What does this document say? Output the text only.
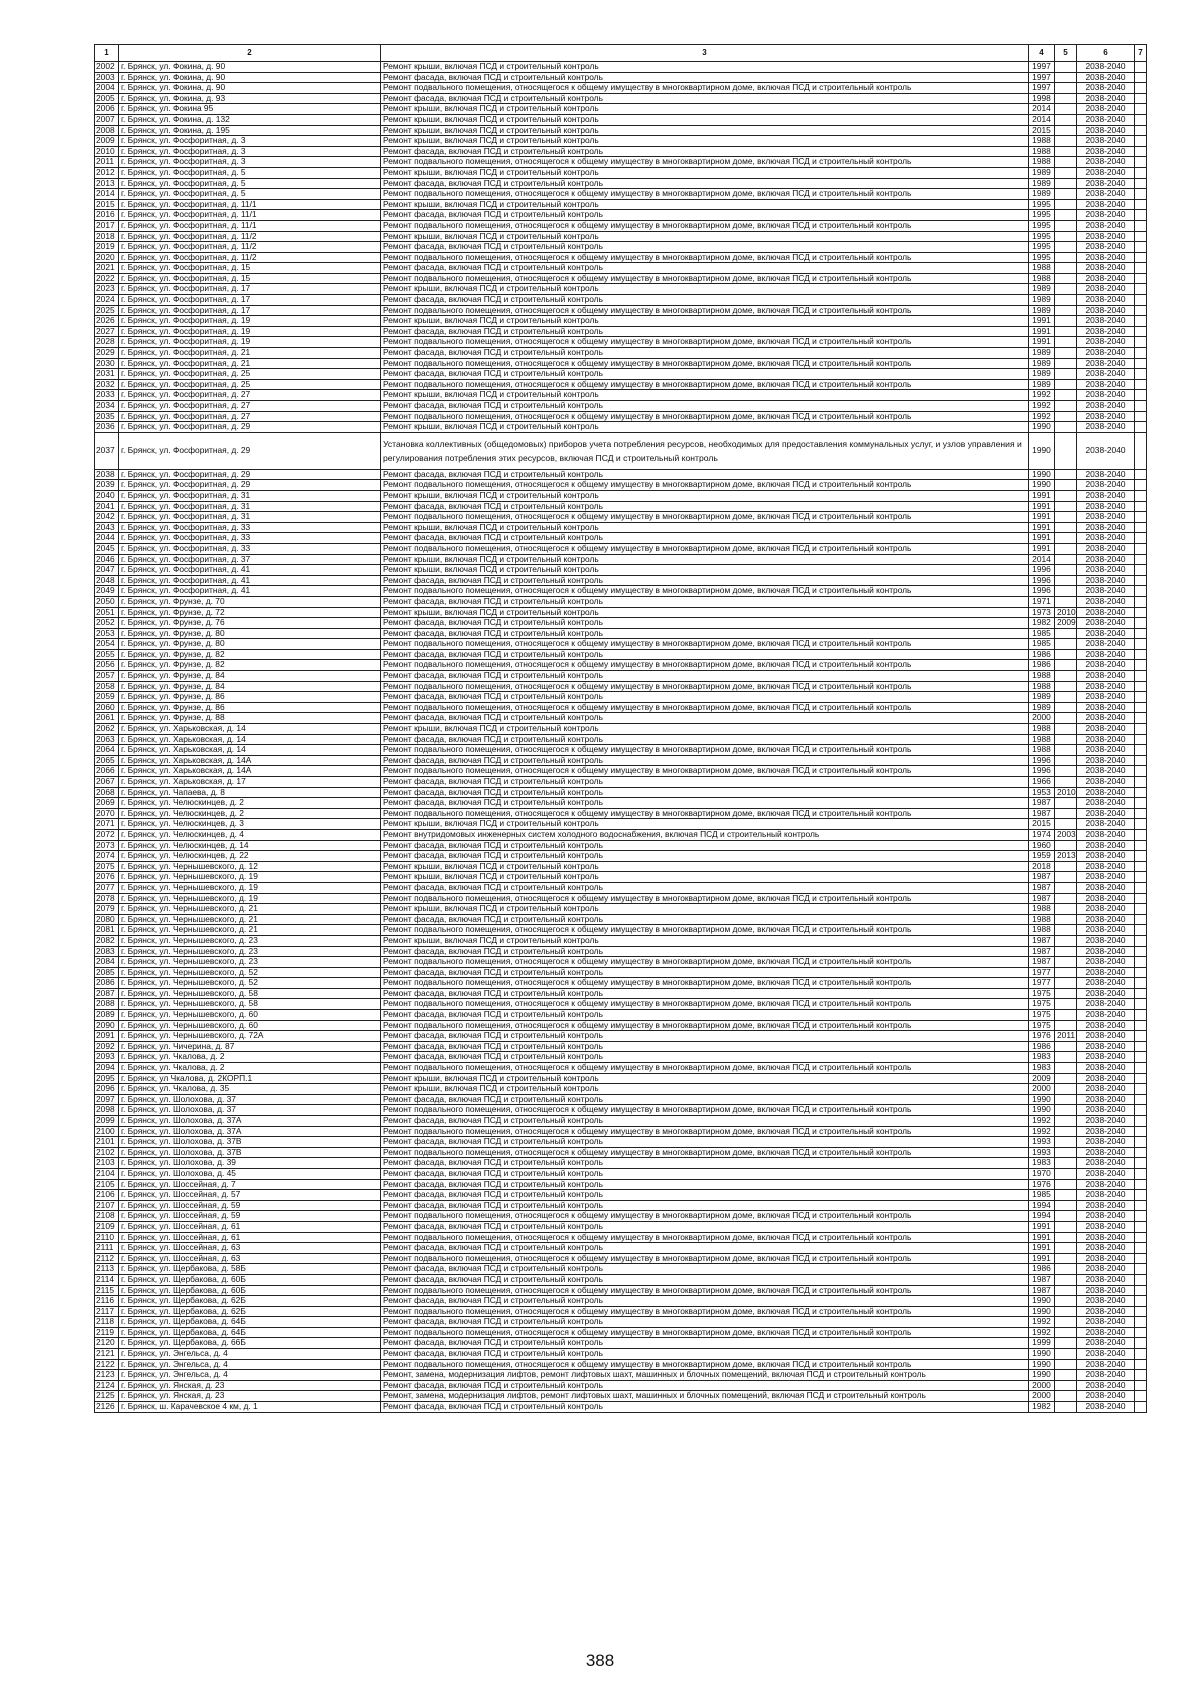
1	2	3	4	5	6	7
2002	г. Брянск, ул. Фокина, д. 90	Ремонт крыши, включая ПСД и строительный контроль	1997		2038-2040	
2003	г. Брянск, ул. Фокина, д. 90	Ремонт фасада, включая ПСД и строительный контроль	1997		2038-2040	
2004	г. Брянск, ул. Фокина, д. 90	Ремонт подвального помещения, относящегося к общему имуществу в многоквартирном доме, включая ПСД и строительный контроль	1997		2038-2040	
2005	г. Брянск, ул. Фокина, д. 93	Ремонт фасада, включая ПСД и строительный контроль	1998		2038-2040	
2006	г. Брянск, ул. Фокина 95	Ремонт крыши, включая ПСД и строительный контроль	2014		2038-2040	
2007	г. Брянск, ул. Фокина, д. 132	Ремонт крыши, включая ПСД и строительный контроль	2014		2038-2040	
2008	г. Брянск, ул. Фокина, д. 195	Ремонт крыши, включая ПСД и строительный контроль	2015		2038-2040	
2009	г. Брянск, ул. Фосфоритная, д. 3	Ремонт крыши, включая ПСД и строительный контроль	1988		2038-2040	
2010	г. Брянск, ул. Фосфоритная, д. 3	Ремонт фасада, включая ПСД и строительный контроль	1988		2038-2040	
2011	г. Брянск, ул. Фосфоритная, д. 3	Ремонт подвального помещения, относящегося к общему имуществу в многоквартирном доме, включая ПСД и строительный контроль	1988		2038-2040	
2012	г. Брянск, ул. Фосфоритная, д. 5	Ремонт крыши, включая ПСД и строительный контроль	1989		2038-2040	
2013	г. Брянск, ул. Фосфоритная, д. 5	Ремонт фасада, включая ПСД и строительный контроль	1989		2038-2040	
2014	г. Брянск, ул. Фосфоритная, д. 5	Ремонт подвального помещения, относящегося к общему имуществу в многоквартирном доме, включая ПСД и строительный контроль	1989		2038-2040	
2015	г. Брянск, ул. Фосфоритная, д. 11/1	Ремонт крыши, включая ПСД и строительный контроль	1995		2038-2040	
2016	г. Брянск, ул. Фосфоритная, д. 11/1	Ремонт фасада, включая ПСД и строительный контроль	1995		2038-2040	
2017	г. Брянск, ул. Фосфоритная, д. 11/1	Ремонт подвального помещения, относящегося к общему имуществу в многоквартирном доме, включая ПСД и строительный контроль	1995		2038-2040	
2018	г. Брянск, ул. Фосфоритная, д. 11/2	Ремонт крыши, включая ПСД и строительный контроль	1995		2038-2040	
2019	г. Брянск, ул. Фосфоритная, д. 11/2	Ремонт фасада, включая ПСД и строительный контроль	1995		2038-2040	
2020	г. Брянск, ул. Фосфоритная, д. 11/2	Ремонт подвального помещения, относящегося к общему имуществу в многоквартирном доме, включая ПСД и строительный контроль	1995		2038-2040	
2021	г. Брянск, ул. Фосфоритная, д. 15	Ремонт фасада, включая ПСД и строительный контроль	1988		2038-2040	
2022	г. Брянск, ул. Фосфоритная, д. 15	Ремонт подвального помещения, относящегося к общему имуществу в многоквартирном доме, включая ПСД и строительный контроль	1988		2038-2040	
2023	г. Брянск, ул. Фосфоритная, д. 17	Ремонт крыши, включая ПСД и строительный контроль	1989		2038-2040	
2024	г. Брянск, ул. Фосфоритная, д. 17	Ремонт фасада, включая ПСД и строительный контроль	1989		2038-2040	
2025	г. Брянск, ул. Фосфоритная, д. 17	Ремонт подвального помещения, относящегося к общему имуществу в многоквартирном доме, включая ПСД и строительный контроль	1989		2038-2040	
2026	г. Брянск, ул. Фосфоритная, д. 19	Ремонт крыши, включая ПСД и строительный контроль	1991		2038-2040	
2027	г. Брянск, ул. Фосфоритная, д. 19	Ремонт фасада, включая ПСД и строительный контроль	1991		2038-2040	
2028	г. Брянск, ул. Фосфоритная, д. 19	Ремонт подвального помещения, относящегося к общему имуществу в многоквартирном доме, включая ПСД и строительный контроль	1991		2038-2040	
2029	г. Брянск, ул. Фосфоритная, д. 21	Ремонт фасада, включая ПСД и строительный контроль	1989		2038-2040	
2030	г. Брянск, ул. Фосфоритная, д. 21	Ремонт подвального помещения, относящегося к общему имуществу в многоквартирном доме, включая ПСД и строительный контроль	1989		2038-2040	
2031	г. Брянск, ул. Фосфоритная, д. 25	Ремонт фасада, включая ПСД и строительный контроль	1989		2038-2040	
2032	г. Брянск, ул. Фосфоритная, д. 25	Ремонт подвального помещения, относящегося к общему имуществу в многоквартирном доме, включая ПСД и строительный контроль	1989		2038-2040	
2033	г. Брянск, ул. Фосфоритная, д. 27	Ремонт крыши, включая ПСД и строительный контроль	1992		2038-2040	
2034	г. Брянск, ул. Фосфоритная, д. 27	Ремонт фасада, включая ПСД и строительный контроль	1992		2038-2040	
2035	г. Брянск, ул. Фосфоритная, д. 27	Ремонт подвального помещения, относящегося к общему имуществу в многоквартирном доме, включая ПСД и строительный контроль	1992		2038-2040	
2036	г. Брянск, ул. Фосфоритная, д. 29	Ремонт крыши, включая ПСД и строительный контроль	1990		2038-2040	
2037	г. Брянск, ул. Фосфоритная, д. 29	Установка коллективных (общедомовых) приборов учета потребления ресурсов, необходимых для предоставления коммунальных услуг, и узлов управления и регулирования потребления этих ресурсов, включая ПСД и строительный контроль	1990		2038-2040	
2038	г. Брянск, ул. Фосфоритная, д. 29	Ремонт фасада, включая ПСД и строительный контроль	1990		2038-2040	
2039	г. Брянск, ул. Фосфоритная, д. 29	Ремонт подвального помещения, относящегося к общему имуществу в многоквартирном доме, включая ПСД и строительный контроль	1990		2038-2040	
2040	г. Брянск, ул. Фосфоритная, д. 31	Ремонт крыши, включая ПСД и строительный контроль	1991		2038-2040	
2041	г. Брянск, ул. Фосфоритная, д. 31	Ремонт фасада, включая ПСД и строительный контроль	1991		2038-2040	
2042	г. Брянск, ул. Фосфоритная, д. 31	Ремонт подвального помещения, относящегося к общему имуществу в многоквартирном доме, включая ПСД и строительный контроль	1991		2038-2040	
2043	г. Брянск, ул. Фосфоритная, д. 33	Ремонт крыши, включая ПСД и строительный контроль	1991		2038-2040	
2044	г. Брянск, ул. Фосфоритная, д. 33	Ремонт фасада, включая ПСД и строительный контроль	1991		2038-2040	
2045	г. Брянск, ул. Фосфоритная, д. 33	Ремонт подвального помещения, относящегося к общему имуществу в многоквартирном доме, включая ПСД и строительный контроль	1991		2038-2040	
2046	г. Брянск, ул. Фосфоритная, д. 37	Ремонт крыши, включая ПСД и строительный контроль	2014		2038-2040	
2047	г. Брянск, ул. Фосфоритная, д. 41	Ремонт крыши, включая ПСД и строительный контроль	1996		2038-2040	
2048	г. Брянск, ул. Фосфоритная, д. 41	Ремонт фасада, включая ПСД и строительный контроль	1996		2038-2040	
2049	г. Брянск, ул. Фосфоритная, д. 41	Ремонт подвального помещения, относящегося к общему имуществу в многоквартирном доме, включая ПСД и строительный контроль	1996		2038-2040	
2050	г. Брянск, ул. Фрунзе, д. 70	Ремонт фасада, включая ПСД и строительный контроль	1971		2038-2040	
2051	г. Брянск, ул. Фрунзе, д. 72	Ремонт крыши, включая ПСД и строительный контроль	1973	2010	2038-2040	
2052	г. Брянск, ул. Фрунзе, д. 76	Ремонт фасада, включая ПСД и строительный контроль	1982	2009	2038-2040	
2053	г. Брянск, ул. Фрунзе, д. 80	Ремонт фасада, включая ПСД и строительный контроль	1985		2038-2040	
2054	г. Брянск, ул. Фрунзе, д. 80	Ремонт подвального помещения, относящегося к общему имуществу в многоквартирном доме, включая ПСД и строительный контроль	1985		2038-2040	
2055	г. Брянск, ул. Фрунзе, д. 82	Ремонт фасада, включая ПСД и строительный контроль	1986		2038-2040	
2056	г. Брянск, ул. Фрунзе, д. 82	Ремонт подвального помещения, относящегося к общему имуществу в многоквартирном доме, включая ПСД и строительный контроль	1986		2038-2040	
2057	г. Брянск, ул. Фрунзе, д. 84	Ремонт фасада, включая ПСД и строительный контроль	1988		2038-2040	
2058	г. Брянск, ул. Фрунзе, д. 84	Ремонт подвального помещения, относящегося к общему имуществу в многоквартирном доме, включая ПСД и строительный контроль	1988		2038-2040	
2059	г. Брянск, ул. Фрунзе, д. 86	Ремонт фасада, включая ПСД и строительный контроль	1989		2038-2040	
2060	г. Брянск, ул. Фрунзе, д. 86	Ремонт подвального помещения, относящегося к общему имуществу в многоквартирном доме, включая ПСД и строительный контроль	1989		2038-2040	
2061	г. Брянск, ул. Фрунзе, д. 88	Ремонт фасада, включая ПСД и строительный контроль	2000		2038-2040	
2062	г. Брянск, ул. Харьковская, д. 14	Ремонт крыши, включая ПСД и строительный контроль	1988		2038-2040	
2063	г. Брянск, ул. Харьковская, д. 14	Ремонт фасада, включая ПСД и строительный контроль	1988		2038-2040	
2064	г. Брянск, ул. Харьковская, д. 14	Ремонт подвального помещения, относящегося к общему имуществу в многоквартирном доме, включая ПСД и строительный контроль	1988		2038-2040	
2065	г. Брянск, ул. Харьковская, д. 14А	Ремонт фасада, включая ПСД и строительный контроль	1996		2038-2040	
2066	г. Брянск, ул. Харьковская, д. 14А	Ремонт подвального помещения, относящегося к общему имуществу в многоквартирном доме, включая ПСД и строительный контроль	1996		2038-2040	
2067	г. Брянск, ул. Харьковская, д. 17	Ремонт фасада, включая ПСД и строительный контроль	1966		2038-2040	
2068	г. Брянск, ул. Чапаева, д. 8	Ремонт фасада, включая ПСД и строительный контроль	1953	2010	2038-2040	
2069	г. Брянск, ул. Челюскинцев, д. 2	Ремонт фасада, включая ПСД и строительный контроль	1987		2038-2040	
2070	г. Брянск, ул. Челюскинцев, д. 2	Ремонт подвального помещения, относящегося к общему имуществу в многоквартирном доме, включая ПСД и строительный контроль	1987		2038-2040	
2071	г. Брянск, ул. Челюскинцев, д. 3	Ремонт крыши, включая ПСД и строительный контроль	2015		2038-2040	
2072	г. Брянск, ул. Челюскинцев, д. 4	Ремонт внутридомовых инженерных систем холодного водоснабжения, включая ПСД и строительный контроль	1974	2003	2038-2040	
2073	г. Брянск, ул. Челюскинцев, д. 14	Ремонт фасада, включая ПСД и строительный контроль	1960		2038-2040	
2074	г. Брянск, ул. Челюскинцев, д. 22	Ремонт фасада, включая ПСД и строительный контроль	1959	2013	2038-2040	
2075	г. Брянск, ул. Чернышевского, д. 12	Ремонт крыши, включая ПСД и строительный контроль	2018		2038-2040	
2076	г. Брянск, ул. Чернышевского, д. 19	Ремонт крыши, включая ПСД и строительный контроль	1987		2038-2040	
2077	г. Брянск, ул. Чернышевского, д. 19	Ремонт фасада, включая ПСД и строительный контроль	1987		2038-2040	
2078	г. Брянск, ул. Чернышевского, д. 19	Ремонт подвального помещения, относящегося к общему имуществу в многоквартирном доме, включая ПСД и строительный контроль	1987		2038-2040	
2079	г. Брянск, ул. Чернышевского, д. 21	Ремонт крыши, включая ПСД и строительный контроль	1988		2038-2040	
2080	г. Брянск, ул. Чернышевского, д. 21	Ремонт фасада, включая ПСД и строительный контроль	1988		2038-2040	
2081	г. Брянск, ул. Чернышевского, д. 21	Ремонт подвального помещения, относящегося к общему имуществу в многоквартирном доме, включая ПСД и строительный контроль	1988		2038-2040	
2082	г. Брянск, ул. Чернышевского, д. 23	Ремонт крыши, включая ПСД и строительный контроль	1987		2038-2040	
2083	г. Брянск, ул. Чернышевского, д. 23	Ремонт фасада, включая ПСД и строительный контроль	1987		2038-2040	
2084	г. Брянск, ул. Чернышевского, д. 23	Ремонт подвального помещения, относящегося к общему имуществу в многоквартирном доме, включая ПСД и строительный контроль	1987		2038-2040	
2085	г. Брянск, ул. Чернышевского, д. 52	Ремонт фасада, включая ПСД и строительный контроль	1977		2038-2040	
2086	г. Брянск, ул. Чернышевского, д. 52	Ремонт подвального помещения, относящегося к общему имуществу в многоквартирном доме, включая ПСД и строительный контроль	1977		2038-2040	
2087	г. Брянск, ул. Чернышевского, д. 58	Ремонт фасада, включая ПСД и строительный контроль	1975		2038-2040	
2088	г. Брянск, ул. Чернышевского, д. 58	Ремонт подвального помещения, относящегося к общему имуществу в многоквартирном доме, включая ПСД и строительный контроль	1975		2038-2040	
2089	г. Брянск, ул. Чернышевского, д. 60	Ремонт фасада, включая ПСД и строительный контроль	1975		2038-2040	
2090	г. Брянск, ул. Чернышевского, д. 60	Ремонт подвального помещения, относящегося к общему имуществу в многоквартирном доме, включая ПСД и строительный контроль	1975		2038-2040	
2091	г. Брянск, ул. Чернышевского, д. 72А	Ремонт фасада, включая ПСД и строительный контроль	1976	2011	2038-2040	
2092	г. Брянск, ул. Чичерина, д. 87	Ремонт фасада, включая ПСД и строительный контроль	1986		2038-2040	
2093	г. Брянск, ул. Чкалова, д. 2	Ремонт фасада, включая ПСД и строительный контроль	1983		2038-2040	
2094	г. Брянск, ул. Чкалова, д. 2	Ремонт подвального помещения, относящегося к общему имуществу в многоквартирном доме, включая ПСД и строительный контроль	1983		2038-2040	
2095	г. Брянск, ул Чкалова, д. 2КОРП.1	Ремонт крыши, включая ПСД и строительный контроль	2009		2038-2040	
2096	г. Брянск, ул. Чкалова, д. 35	Ремонт крыши, включая ПСД и строительный контроль	2000		2038-2040	
2097	г. Брянск, ул. Шолохова, д. 37	Ремонт фасада, включая ПСД и строительный контроль	1990		2038-2040	
2098	г. Брянск, ул. Шолохова, д. 37	Ремонт подвального помещения, относящегося к общему имуществу в многоквартирном доме, включая ПСД и строительный контроль	1990		2038-2040	
2099	г. Брянск, ул. Шолохова, д. 37А	Ремонт фасада, включая ПСД и строительный контроль	1992		2038-2040	
2100	г. Брянск, ул. Шолохова, д. 37А	Ремонт подвального помещения, относящегося к общему имуществу в многоквартирном доме, включая ПСД и строительный контроль	1992		2038-2040	
2101	г. Брянск, ул. Шолохова, д. 37В	Ремонт фасада, включая ПСД и строительный контроль	1993		2038-2040	
2102	г. Брянск, ул. Шолохова, д. 37В	Ремонт подвального помещения, относящегося к общему имуществу в многоквартирном доме, включая ПСД и строительный контроль	1993		2038-2040	
2103	г. Брянск, ул. Шолохова, д. 39	Ремонт фасада, включая ПСД и строительный контроль	1983		2038-2040	
2104	г. Брянск, ул. Шолохова, д. 45	Ремонт фасада, включая ПСД и строительный контроль	1970		2038-2040	
2105	г. Брянск, ул. Шоссейная, д. 7	Ремонт фасада, включая ПСД и строительный контроль	1976		2038-2040	
2106	г. Брянск, ул. Шоссейная, д. 57	Ремонт фасада, включая ПСД и строительный контроль	1985		2038-2040	
2107	г. Брянск, ул. Шоссейная, д. 59	Ремонт фасада, включая ПСД и строительный контроль	1994		2038-2040	
2108	г. Брянск, ул. Шоссейная, д. 59	Ремонт подвального помещения, относящегося к общему имуществу в многоквартирном доме, включая ПСД и строительный контроль	1994		2038-2040	
2109	г. Брянск, ул. Шоссейная, д. 61	Ремонт фасада, включая ПСД и строительный контроль	1991		2038-2040	
2110	г. Брянск, ул. Шоссейная, д. 61	Ремонт подвального помещения, относящегося к общему имуществу в многоквартирном доме, включая ПСД и строительный контроль	1991		2038-2040	
2111	г. Брянск, ул. Шоссейная, д. 63	Ремонт фасада, включая ПСД и строительный контроль	1991		2038-2040	
2112	г. Брянск, ул. Шоссейная, д. 63	Ремонт подвального помещения, относящегося к общему имуществу в многоквартирном доме, включая ПСД и строительный контроль	1991		2038-2040	
2113	г. Брянск, ул. Щербакова, д. 58Б	Ремонт фасада, включая ПСД и строительный контроль	1986		2038-2040	
2114	г. Брянск, ул. Щербакова, д. 60Б	Ремонт фасада, включая ПСД и строительный контроль	1987		2038-2040	
2115	г. Брянск, ул. Щербакова, д. 60Б	Ремонт подвального помещения, относящегося к общему имуществу в многоквартирном доме, включая ПСД и строительный контроль	1987		2038-2040	
2116	г. Брянск, ул. Щербакова, д. 62Б	Ремонт фасада, включая ПСД и строительный контроль	1990		2038-2040	
2117	г. Брянск, ул. Щербакова, д. 62Б	Ремонт подвального помещения, относящегося к общему имуществу в многоквартирном доме, включая ПСД и строительный контроль	1990		2038-2040	
2118	г. Брянск, ул. Щербакова, д. 64Б	Ремонт фасада, включая ПСД и строительный контроль	1992		2038-2040	
2119	г. Брянск, ул. Щербакова, д. 64Б	Ремонт подвального помещения, относящегося к общему имуществу в многоквартирном доме, включая ПСД и строительный контроль	1992		2038-2040	
2120	г. Брянск, ул. Щербакова, д. 66Б	Ремонт фасада, включая ПСД и строительный контроль	1999		2038-2040	
2121	г. Брянск, ул. Энгельса, д. 4	Ремонт фасада, включая ПСД и строительный контроль	1990		2038-2040	
2122	г. Брянск, ул. Энгельса, д. 4	Ремонт подвального помещения, относящегося к общему имуществу в многоквартирном доме, включая ПСД и строительный контроль	1990		2038-2040	
2123	г. Брянск, ул. Энгельса, д. 4	Ремонт, замена, модернизация лифтов, ремонт лифтовых шахт, машинных и блочных помещений, включая ПСД и строительный контроль	1990		2038-2040	
2124	г. Брянск, ул. Янская, д. 23	Ремонт фасада, включая ПСД и строительный контроль	2000		2038-2040	
2125	г. Брянск, ул. Янская, д. 23	Ремонт, замена, модернизация лифтов, ремонт лифтовых шахт, машинных и блочных помещений, включая ПСД и строительный контроль	2000		2038-2040	
2126	г. Брянск, ш. Карачевское 4 км, д. 1	Ремонт фасада, включая ПСД и строительный контроль	1982		2038-2040	
388
